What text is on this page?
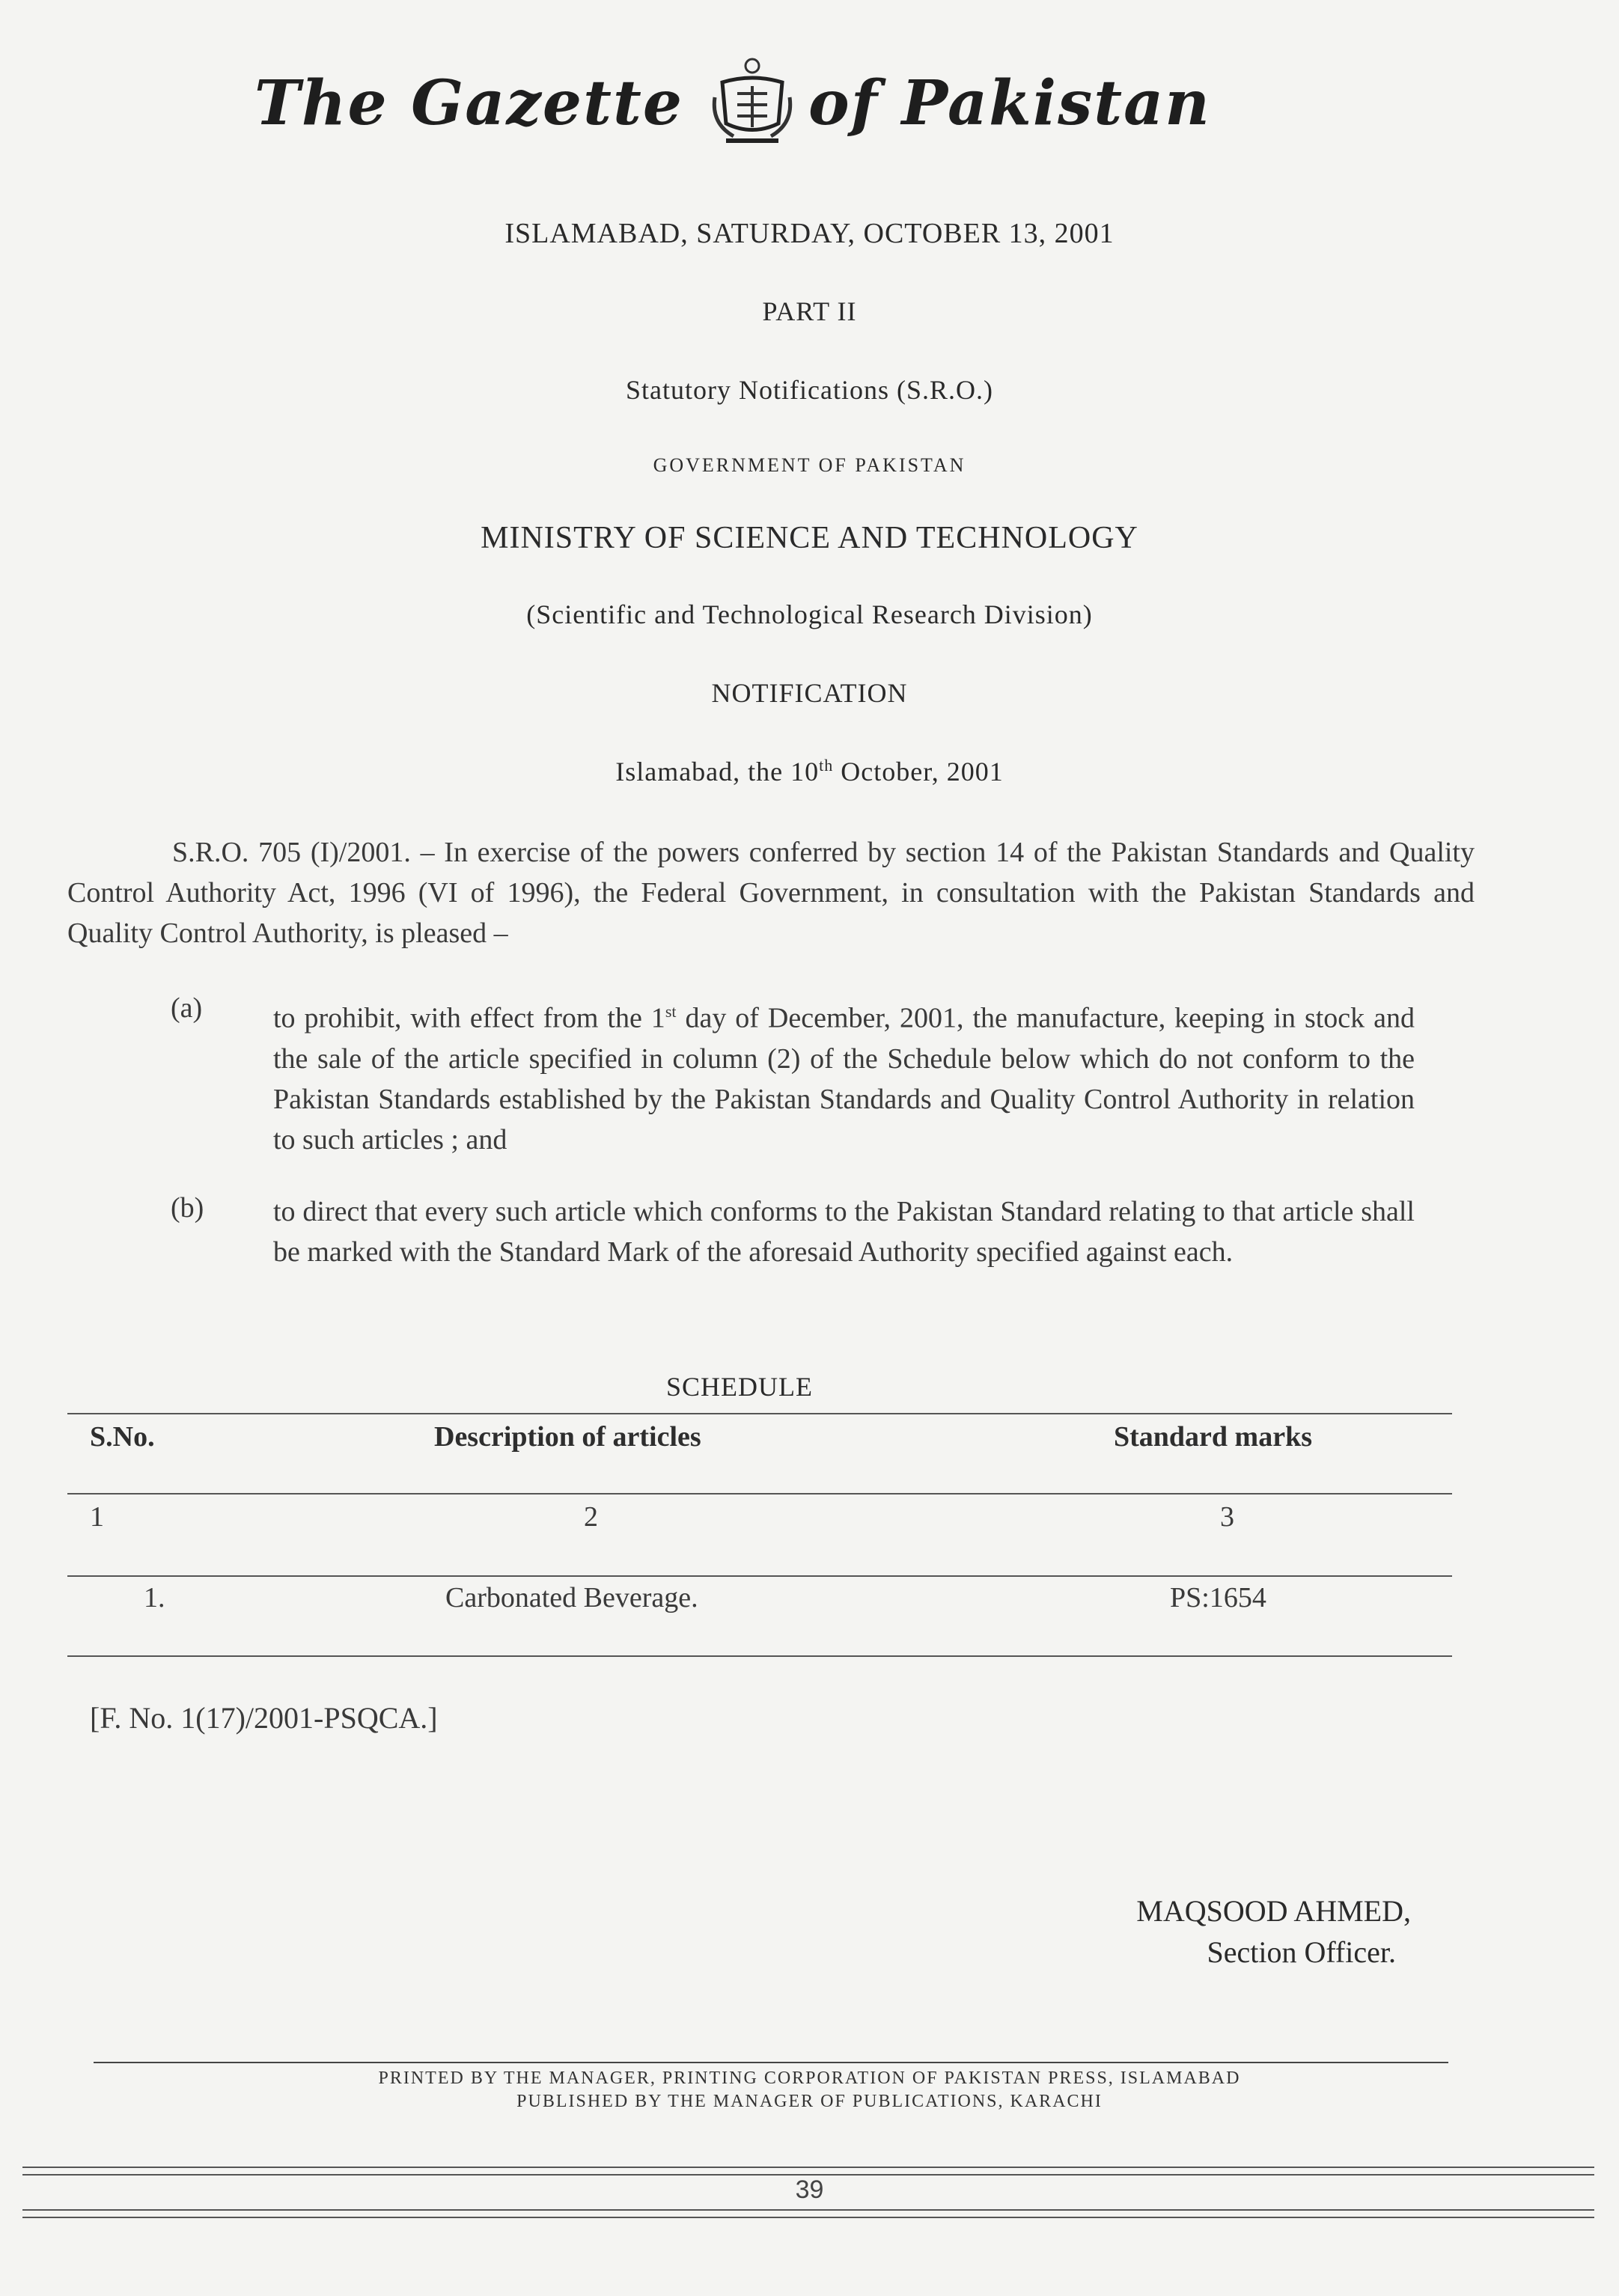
The Gazette of Pakistan
ISLAMABAD, SATURDAY, OCTOBER 13, 2001
PART II
Statutory Notifications (S.R.O.)
GOVERNMENT OF PAKISTAN
MINISTRY OF SCIENCE AND TECHNOLOGY
(Scientific and Technological Research Division)
NOTIFICATION
Islamabad, the 10th October, 2001
S.R.O. 705 (I)/2001. – In exercise of the powers conferred by section 14 of the Pakistan Standards and Quality Control Authority Act, 1996 (VI of 1996), the Federal Government, in consultation with the Pakistan Standards and Quality Control Authority, is pleased –
(a) to prohibit, with effect from the 1st day of December, 2001, the manufacture, keeping in stock and the sale of the article specified in column (2) of the Schedule below which do not conform to the Pakistan Standards established by the Pakistan Standards and Quality Control Authority in relation to such articles ; and
(b) to direct that every such article which conforms to the Pakistan Standard relating to that article shall be marked with the Standard Mark of the aforesaid Authority specified against each.
SCHEDULE
S.No.	Description of articles	Standard marks
1	2	3
1.	Carbonated Beverage.	PS:1654
[F. No. 1(17)/2001-PSQCA.]
MAQSOOD AHMED,
Section Officer.
PRINTED BY THE MANAGER, PRINTING CORPORATION OF PAKISTAN PRESS, ISLAMABAD
PUBLISHED BY THE MANAGER OF PUBLICATIONS, KARACHI
39
